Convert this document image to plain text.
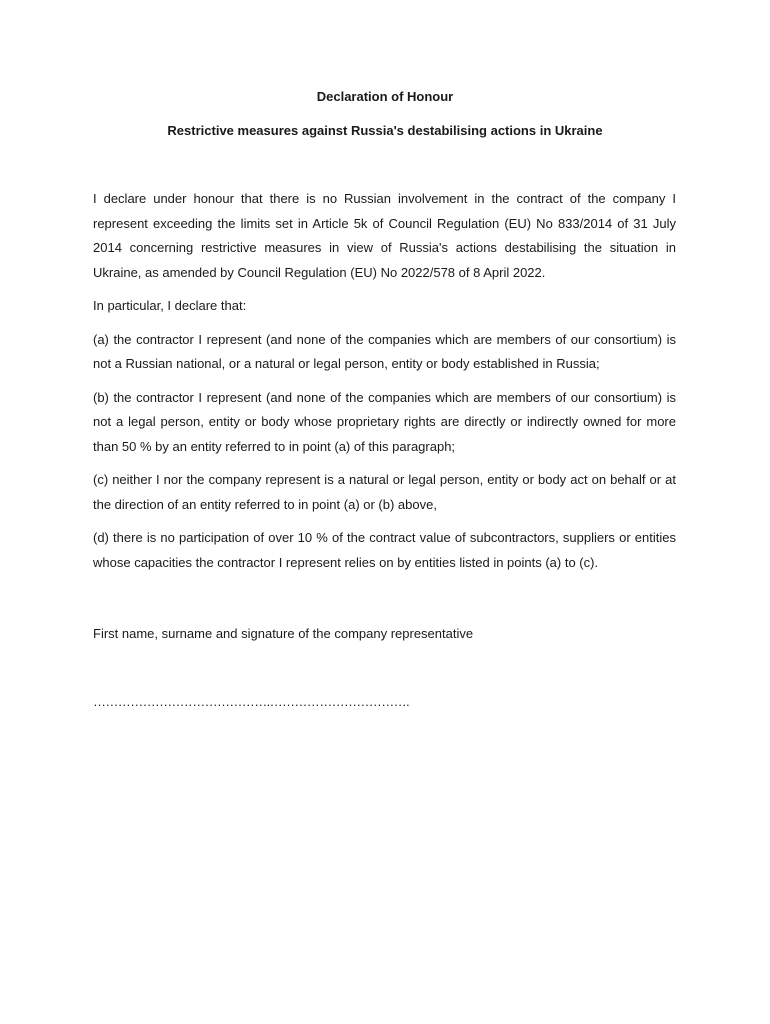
Declaration of Honour
Restrictive measures against Russia's destabilising actions in Ukraine

I declare under honour that there is no Russian involvement in the contract of the company I represent exceeding the limits set in Article 5k of Council Regulation (EU) No 833/2014 of 31 July 2014 concerning restrictive measures in view of Russia's actions destabilising the situation in Ukraine, as amended by Council Regulation (EU) No 2022/578 of 8 April 2022.

In particular, I declare that:

(a) the contractor I represent (and none of the companies which are members of our consortium) is not a Russian national, or a natural or legal person, entity or body established in Russia;

(b) the contractor I represent (and none of the companies which are members of our consortium) is not a legal person, entity or body whose proprietary rights are directly or indirectly owned for more than 50 % by an entity referred to in point (a) of this paragraph;

(c) neither I nor the company represent is a natural or legal person, entity or body act on behalf or at the direction of an entity referred to in point (a) or (b) above,

(d) there is no participation of over 10 % of the contract value of subcontractors, suppliers or entities whose capacities the contractor I represent relies on by entities listed in points (a) to (c).

First name, surname and signature of the company representative
…………………………………….…………………………….
